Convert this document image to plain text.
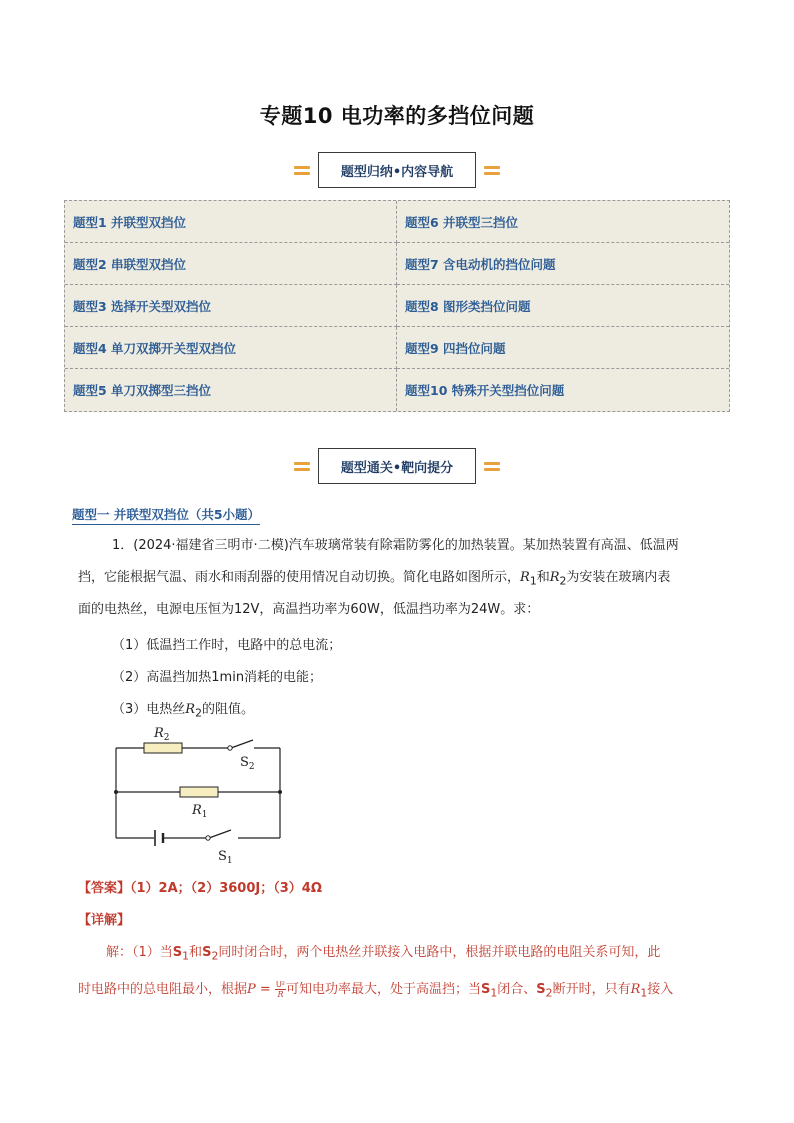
专题10 电功率的多挡位问题
题型归纳•内容导航
题型1 并联型双挡位	题型6 并联型三挡位
题型2 串联型双挡位	题型7 含电动机的挡位问题
题型3 选择开关型双挡位	题型8 图形类挡位问题
题型4 单刀双掷开关型双挡位	题型9 四挡位问题
题型5 单刀双掷型三挡位	题型10 特殊开关型挡位问题
题型通关•靶向提分
题型一 并联型双挡位（共5小题）
1．(2024·福建省三明市·二模)汽车玻璃常装有除霜防雾化的加热装置。某加热装置有高温、低温两
挡，它能根据气温、雨水和雨刮器的使用情况自动切换。简化电路如图所示，$R_1$和$R_2$为安装在玻璃内表
面的电热丝，电源电压恒为12V，高温挡功率为60W，低温挡功率为24W。求：
（1）低温挡工作时，电路中的总电流；
（2）高温挡加热1min消耗的电能；
（3）电热丝$R_2$的阻值。
$R_2$
$S_2$
$R_1$
$S_1$
【答案】（1）2A；（2）3600J；（3）4Ω
【详解】
解：（1）当$S_1$和$S_2$同时闭合时，两个电热丝并联接入电路中，根据并联电路的电阻关系可知，此
时电路中的总电阻最小，根据$P = \frac{\text{U²}}{R}$ 可知电功率最大，处于高温挡；当$S_1$闭合、$S_2$断开时，只有$R_1$接入
